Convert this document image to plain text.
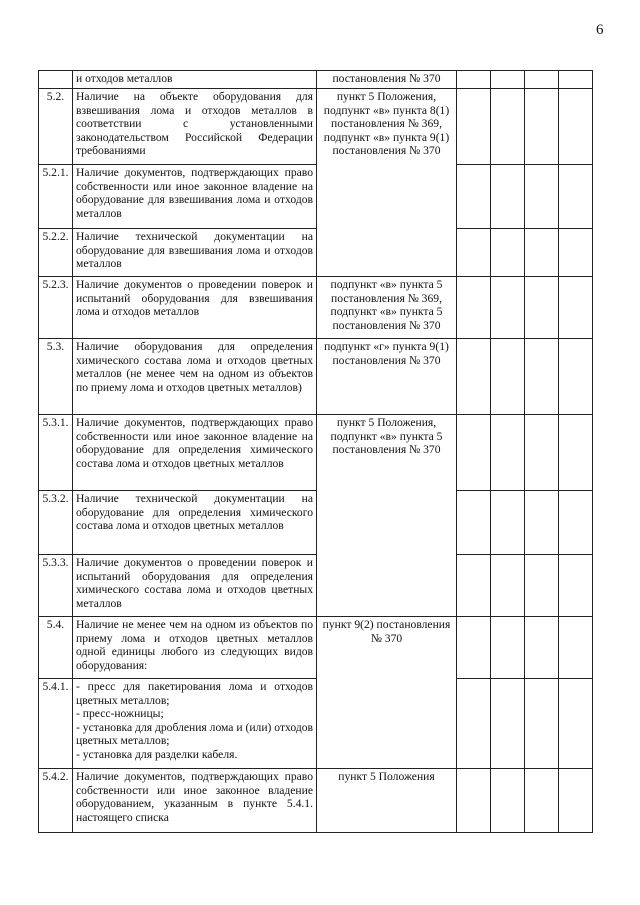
6
	и отходов металлов	постановления № 370				
5.2.	Наличие на объекте оборудования для взвешивания лома и отходов металлов в соответствии с установленными законодательством Российской Федерации требованиями	пункт 5 Положения, подпункт «в» пункта 8(1) постановления № 369, подпункт «в» пункта 9(1) постановления № 370				
5.2.1.	Наличие документов, подтверждающих право собственности или иное законное владение на оборудование для взвешивания лома и отходов металлов					
5.2.2.	Наличие технической документации на оборудование для взвешивания лома и отходов металлов					
5.2.3.	Наличие документов о проведении поверок и испытаний оборудования для взвешивания лома и отходов металлов	подпункт «в» пункта 5 постановления № 369, подпункт «в» пункта 5 постановления № 370				
5.3.	Наличие оборудования для определения химического состава лома и отходов цветных металлов (не менее чем на одном из объектов по приему лома и отходов цветных металлов)	подпункт «г» пункта 9(1) постановления № 370				
5.3.1.	Наличие документов, подтверждающих право собственности или иное законное владение на оборудование для определения химического состава лома и отходов цветных металлов	пункт 5 Положения, подпункт «в» пункта 5 постановления № 370				
5.3.2.	Наличие технической документации на оборудование для определения химического состава лома и отходов цветных металлов					
5.3.3.	Наличие документов о проведении поверок и испытаний оборудования для определения химического состава лома и отходов цветных металлов					
5.4.	Наличие не менее чем на одном из объектов по приему лома и отходов цветных металлов одной единицы любого из следующих видов оборудования:	пункт 9(2) постановления № 370				
5.4.1.	- пресс для пакетирования лома и отходов цветных металлов;
- пресс-ножницы;
- установка для дробления лома и (или) отходов цветных металлов;
- установка для разделки кабеля.					

5.4.2.	Наличие документов, подтверждающих право собственности или иное законное владение оборудованием, указанным в пункте 5.4.1. настоящего списка	пункт 5 Положения				
